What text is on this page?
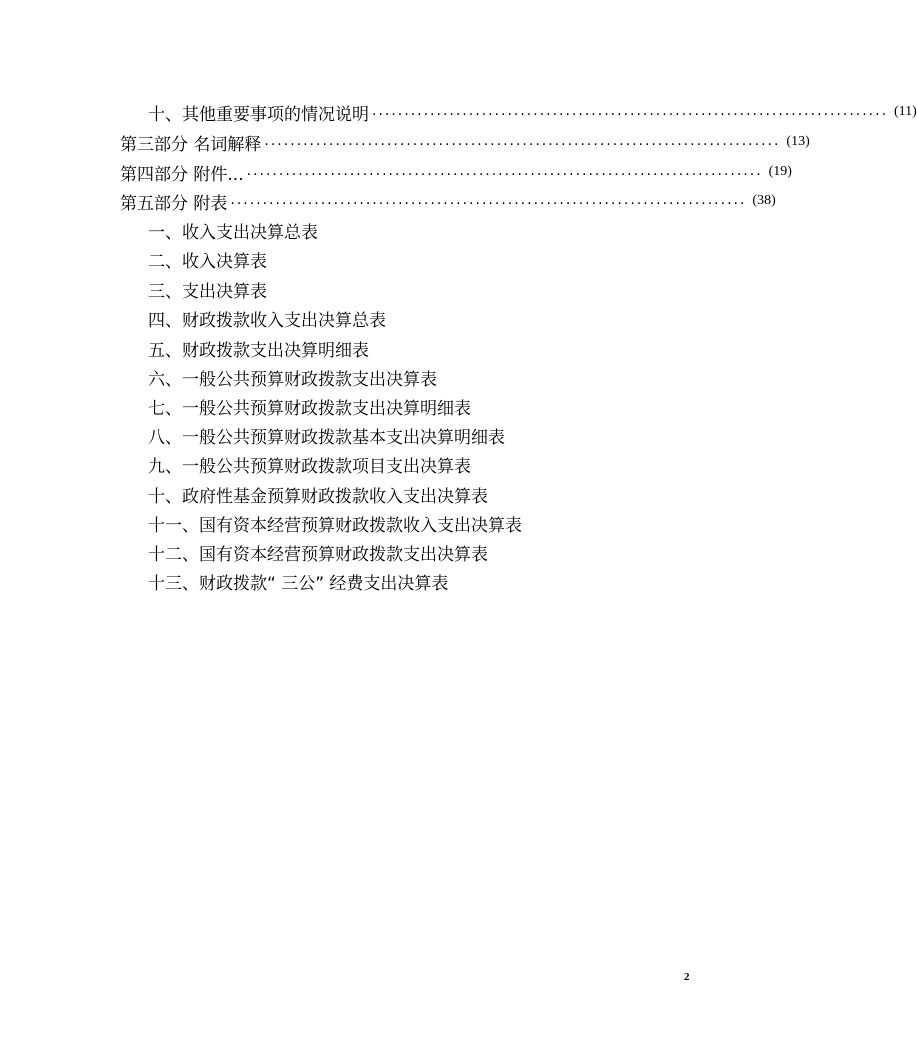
十、其他重要事项的情况说明 ................................................................................ (11)
第三部分 名词解释 ................................................................................ (13)
第四部分 附件... ................................................................................ (19)
第五部分 附表 ................................................................................ (38)
一、收入支出决算总表
二、收入决算表
三、支出决算表
四、财政拨款收入支出决算总表
五、财政拨款支出决算明细表
六、一般公共预算财政拨款支出决算表
七、一般公共预算财政拨款支出决算明细表
八、一般公共预算财政拨款基本支出决算明细表
九、一般公共预算财政拨款项目支出决算表
十、政府性基金预算财政拨款收入支出决算表
十一、国有资本经营预算财政拨款收入支出决算表
十二、国有资本经营预算财政拨款支出决算表
十三、财政拨款“ 三公” 经费支出决算表
2
